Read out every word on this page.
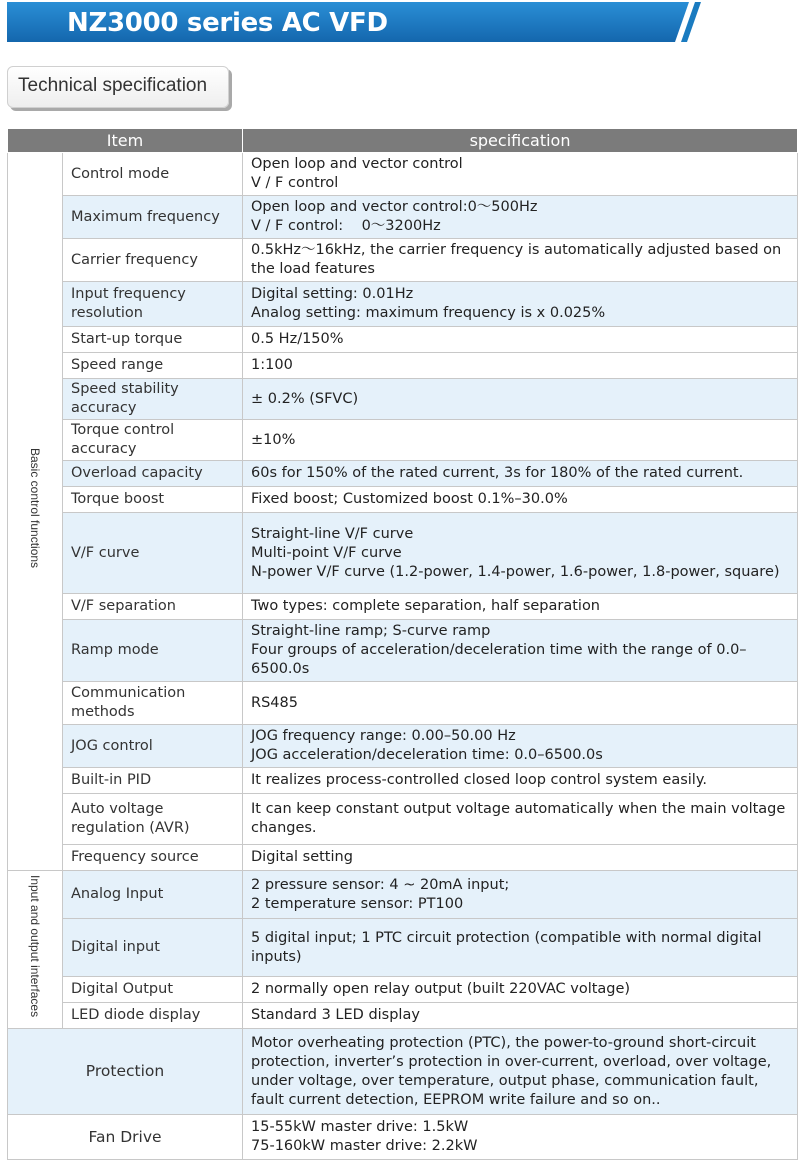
NZ3000 series AC VFD
Technical specification
Item		specification
Basic control functions	Control mode	Open loop and vector control
V / F control

	Maximum frequency	Open loop and vector control:0～500Hz
V / F control:    0～3200Hz

	Carrier frequency	0.5kHz～16kHz, the carrier frequency is automatically adjusted based on the load features

	Input frequency resolution	Digital setting: 0.01Hz
Analog setting: maximum frequency is x 0.025%

	Start-up torque	0.5 Hz/150%

	Speed range	1:100

	Speed stability accuracy	± 0.2% (SFVC)

	Torque control accuracy	±10%

	Overload capacity	60s for 150% of the rated current, 3s for 180% of the rated current.

	Torque boost	Fixed boost; Customized boost 0.1%–30.0%

	V/F curve	Straight-line V/F curve
Multi-point V/F curve
N-power V/F curve (1.2-power, 1.4-power, 1.6-power, 1.8-power, square)

	V/F separation	Two types: complete separation, half separation

	Ramp mode	Straight-line ramp; S-curve ramp
Four groups of acceleration/deceleration time with the range of 0.0–6500.0s

	Communication methods	RS485

	JOG control	JOG frequency range: 0.00–50.00 Hz
JOG acceleration/deceleration time: 0.0–6500.0s

	Built-in PID	It realizes process-controlled closed loop control system easily.

	Auto voltage regulation (AVR)	It can keep constant output voltage automatically when the main voltage changes.

	Frequency source	Digital setting

Input and output interfaces	Analog Input	2 pressure sensor: 4 ~ 20mA input;
2 temperature sensor: PT100

	Digital input	5 digital input; 1 PTC circuit protection (compatible with normal digital inputs)

	Digital Output	2 normally open relay output (built 220VAC voltage)

	LED diode display	Standard 3 LED display

Protection		Motor overheating protection (PTC), the power-to-ground short-circuit protection, inverter’s protection in over-current, overload, over voltage, under voltage, over temperature, output phase, communication fault, fault current detection, EEPROM write failure and so on..

Fan Drive		15-55kW master drive: 1.5kW
75-160kW master drive: 2.2kW
